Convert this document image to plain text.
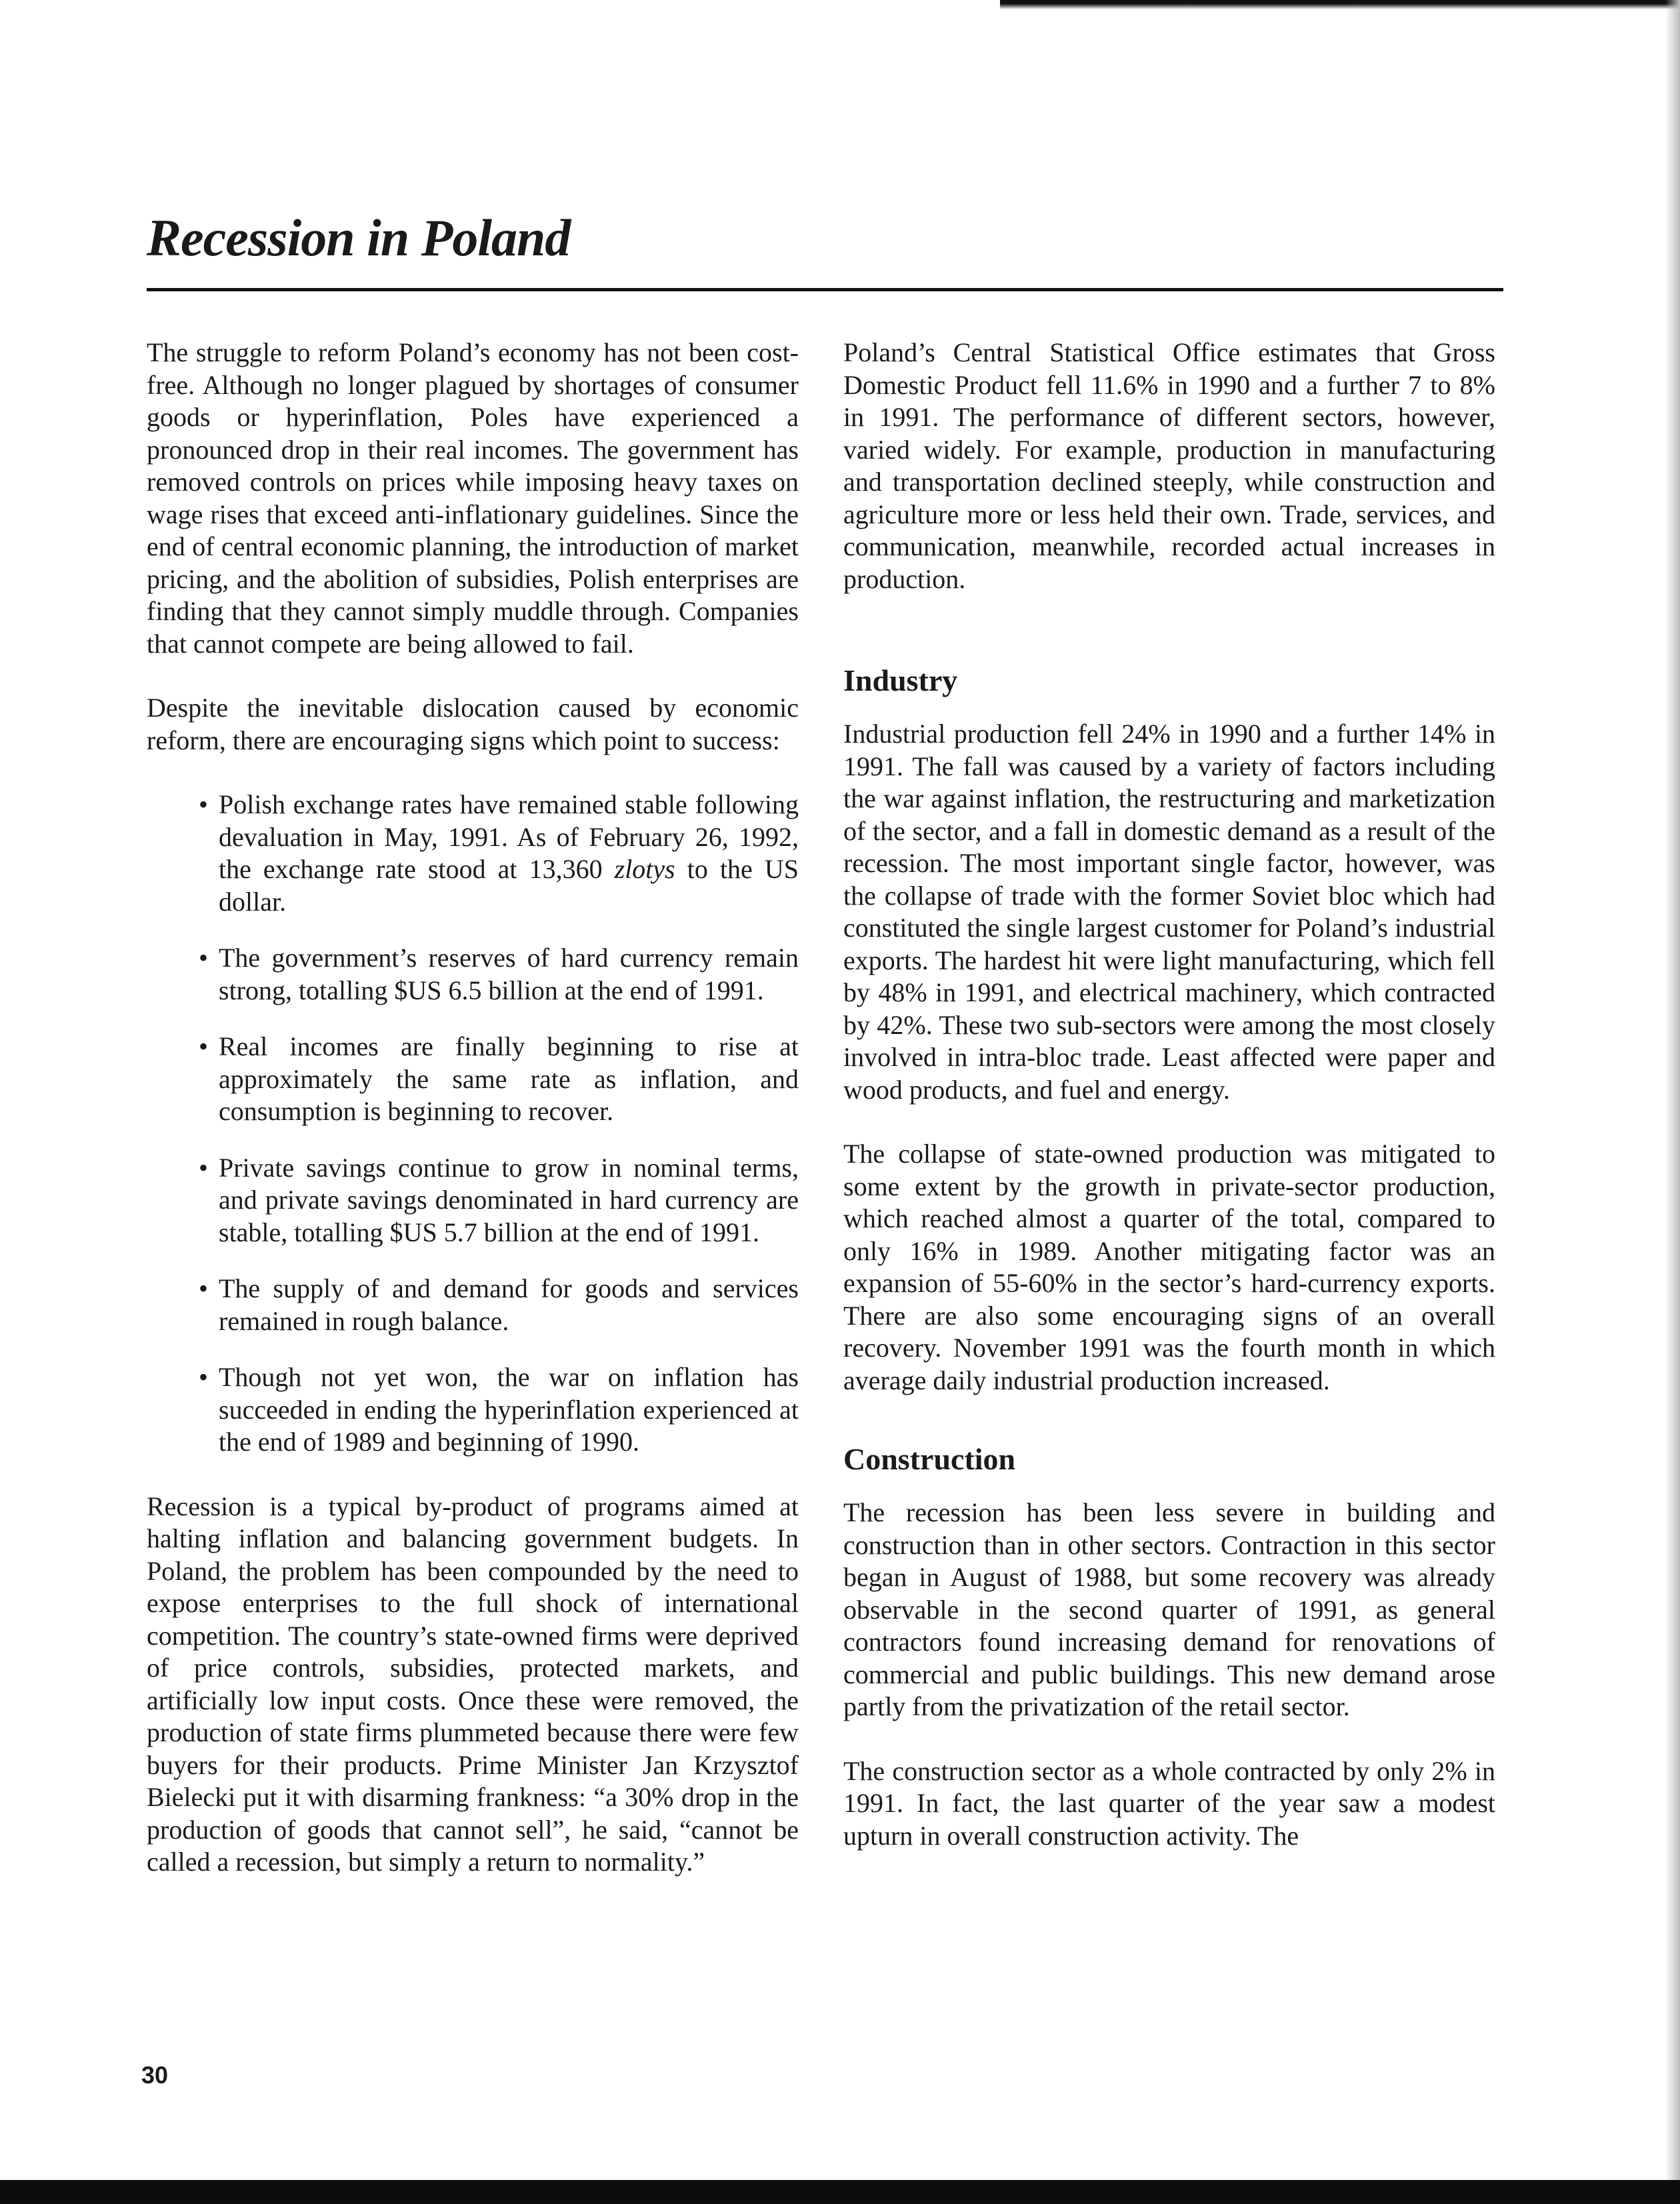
Recession in Poland

The struggle to reform Poland’s economy has not been cost-free. Although no longer plagued by shortages of consumer goods or hyperinflation, Poles have experienced a pronounced drop in their real incomes. The government has removed controls on prices while imposing heavy taxes on wage rises that exceed anti-inflationary guidelines. Since the end of central economic planning, the introduction of market pricing, and the abolition of subsidies, Polish enterprises are finding that they cannot simply muddle through. Companies that cannot compete are being allowed to fail.

Despite the inevitable dislocation caused by economic reform, there are encouraging signs which point to success:

• Polish exchange rates have remained stable following devaluation in May, 1991. As of February 26, 1992, the exchange rate stood at 13,360 zlotys to the US dollar.
• The government’s reserves of hard currency remain strong, totalling $US 6.5 billion at the end of 1991.
• Real incomes are finally beginning to rise at approximately the same rate as inflation, and consumption is beginning to recover.
• Private savings continue to grow in nominal terms, and private savings denominated in hard currency are stable, totalling $US 5.7 billion at the end of 1991.
• The supply of and demand for goods and services remained in rough balance.
• Though not yet won, the war on inflation has succeeded in ending the hyperinflation experienced at the end of 1989 and beginning of 1990.

Recession is a typical by-product of programs aimed at halting inflation and balancing government budgets. In Poland, the problem has been compounded by the need to expose enterprises to the full shock of international competition. The country’s state-owned firms were deprived of price controls, subsidies, protected markets, and artificially low input costs. Once these were removed, the production of state firms plummeted because there were few buyers for their products. Prime Minister Jan Krzysztof Bielecki put it with disarming frankness: “a 30% drop in the production of goods that cannot sell”, he said, “cannot be called a recession, but simply a return to normality.”

Poland’s Central Statistical Office estimates that Gross Domestic Product fell 11.6% in 1990 and a further 7 to 8% in 1991. The performance of different sectors, however, varied widely. For example, production in manufacturing and transportation declined steeply, while construction and agriculture more or less held their own. Trade, services, and communication, meanwhile, recorded actual increases in production.

Industry

Industrial production fell 24% in 1990 and a further 14% in 1991. The fall was caused by a variety of factors including the war against inflation, the restructuring and marketization of the sector, and a fall in domestic demand as a result of the recession. The most important single factor, however, was the collapse of trade with the former Soviet bloc which had constituted the single largest customer for Poland’s industrial exports. The hardest hit were light manufacturing, which fell by 48% in 1991, and electrical machinery, which contracted by 42%. These two sub-sectors were among the most closely involved in intra-bloc trade. Least affected were paper and wood products, and fuel and energy.

The collapse of state-owned production was mitigated to some extent by the growth in private-sector production, which reached almost a quarter of the total, compared to only 16% in 1989. Another mitigating factor was an expansion of 55-60% in the sector’s hard-currency exports. There are also some encouraging signs of an overall recovery. November 1991 was the fourth month in which average daily industrial production increased.

Construction

The recession has been less severe in building and construction than in other sectors. Contraction in this sector began in August of 1988, but some recovery was already observable in the second quarter of 1991, as general contractors found increasing demand for renovations of commercial and public buildings. This new demand arose partly from the privatization of the retail sector.

The construction sector as a whole contracted by only 2% in 1991. In fact, the last quarter of the year saw a modest upturn in overall construction activity. The

30
